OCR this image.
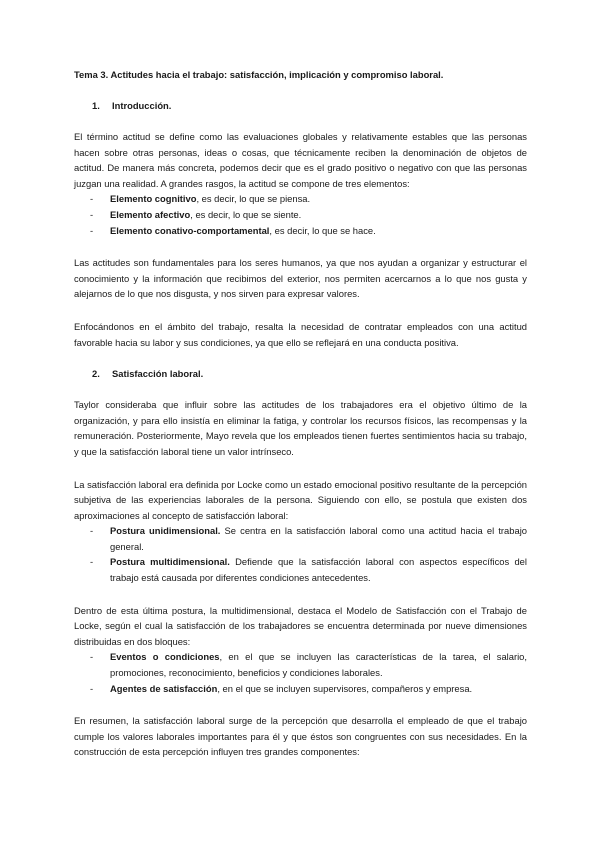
Tema 3. Actitudes hacia el trabajo: satisfacción, implicación y compromiso laboral.
1. Introducción.

El término actitud se define como las evaluaciones globales y relativamente estables que las personas hacen sobre otras personas, ideas o cosas, que técnicamente reciben la denominación de objetos de actitud. De manera más concreta, podemos decir que es el grado positivo o negativo con que las personas juzgan una realidad. A grandes rasgos, la actitud se compone de tres elementos:

- Elemento cognitivo, es decir, lo que se piensa.
- Elemento afectivo, es decir, lo que se siente.
- Elemento conativo-comportamental, es decir, lo que se hace.

Las actitudes son fundamentales para los seres humanos, ya que nos ayudan a organizar y estructurar el conocimiento y la información que recibimos del exterior, nos permiten acercarnos a lo que nos gusta y alejarnos de lo que nos disgusta, y nos sirven para expresar valores.

Enfocándonos en el ámbito del trabajo, resalta la necesidad de contratar empleados con una actitud favorable hacia su labor y sus condiciones, ya que ello se reflejará en una conducta positiva.

2. Satisfacción laboral.

Taylor consideraba que influir sobre las actitudes de los trabajadores era el objetivo último de la organización, y para ello insistía en eliminar la fatiga, y controlar los recursos físicos, las recompensas y la remuneración. Posteriormente, Mayo revela que los empleados tienen fuertes sentimientos hacia su trabajo, y que la satisfacción laboral tiene un valor intrínseco.

La satisfacción laboral era definida por Locke como un estado emocional positivo resultante de la percepción subjetiva de las experiencias laborales de la persona. Siguiendo con ello, se postula que existen dos aproximaciones al concepto de satisfacción laboral:

- Postura unidimensional. Se centra en la satisfacción laboral como una actitud hacia el trabajo general.
- Postura multidimensional. Defiende que la satisfacción laboral con aspectos específicos del trabajo está causada por diferentes condiciones antecedentes.

Dentro de esta última postura, la multidimensional, destaca el Modelo de Satisfacción con el Trabajo de Locke, según el cual la satisfacción de los trabajadores se encuentra determinada por nueve dimensiones distribuidas en dos bloques:

- Eventos o condiciones, en el que se incluyen las características de la tarea, el salario, promociones, reconocimiento, beneficios y condiciones laborales.
- Agentes de satisfacción, en el que se incluyen supervisores, compañeros y empresa.

En resumen, la satisfacción laboral surge de la percepción que desarrolla el empleado de que el trabajo cumple los valores laborales importantes para él y que éstos son congruentes con sus necesidades. En la construcción de esta percepción influyen tres grandes componentes:
